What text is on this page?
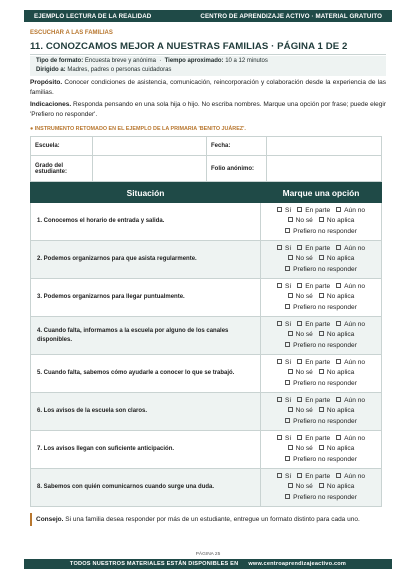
EJEMPLO LECTURA DE LA REALIDAD	CENTRO DE APRENDIZAJE ACTIVO · MATERIAL GRATUITO
ESCUCHAR A LAS FAMILIAS
11. CONOZCAMOS MEJOR A NUESTRAS FAMILIAS · PÁGINA 1 DE 2
Tipo de formato: Encuesta breve y anónima  ·  Tiempo aproximado: 10 a 12 minutos
Dirigido a: Madres, padres o personas cuidadoras

Propósito. Conocer condiciones de asistencia, comunicación, reincorporación y colaboración desde la experiencia de las familias.

Indicaciones. Responda pensando en una sola hija o hijo. No escriba nombres. Marque una opción por frase; puede elegir 'Prefiero no responder'.

● INSTRUMENTO RETOMADO EN EL EJEMPLO DE LA PRIMARIA 'BENITO JUÁREZ'.
Escuela:		Fecha:	
Grado del estudiante:		Folio anónimo:	
Situación	Marque una opción
1. Conocemos el horario de entrada y salida.	Sí En parte Aún no
No sé No aplica
Prefiero no responder

2. Podemos organizarnos para que asista regularmente.	Sí En parte Aún no
No sé No aplica
Prefiero no responder

3. Podemos organizarnos para llegar puntualmente.	Sí En parte Aún no
No sé No aplica
Prefiero no responder

4. Cuando falta, informamos a la escuela por alguno de los canales disponibles.	Sí En parte Aún no
No sé No aplica
Prefiero no responder

5. Cuando falta, sabemos cómo ayudarle a conocer lo que se trabajó.	Sí En parte Aún no
No sé No aplica
Prefiero no responder

6. Los avisos de la escuela son claros.	Sí En parte Aún no
No sé No aplica
Prefiero no responder

7. Los avisos llegan con suficiente anticipación.	Sí En parte Aún no
No sé No aplica
Prefiero no responder

8. Sabemos con quién comunicarnos cuando surge una duda.	Sí En parte Aún no
No sé No aplica
Prefiero no responder
Consejo. Si una familia desea responder por más de un estudiante, entregue un formato distinto para cada uno.
PÁGINA 25
TODOS NUESTROS MATERIALES ESTÁN DISPONIBLES EN www.centroaprendizajeactivo.com
